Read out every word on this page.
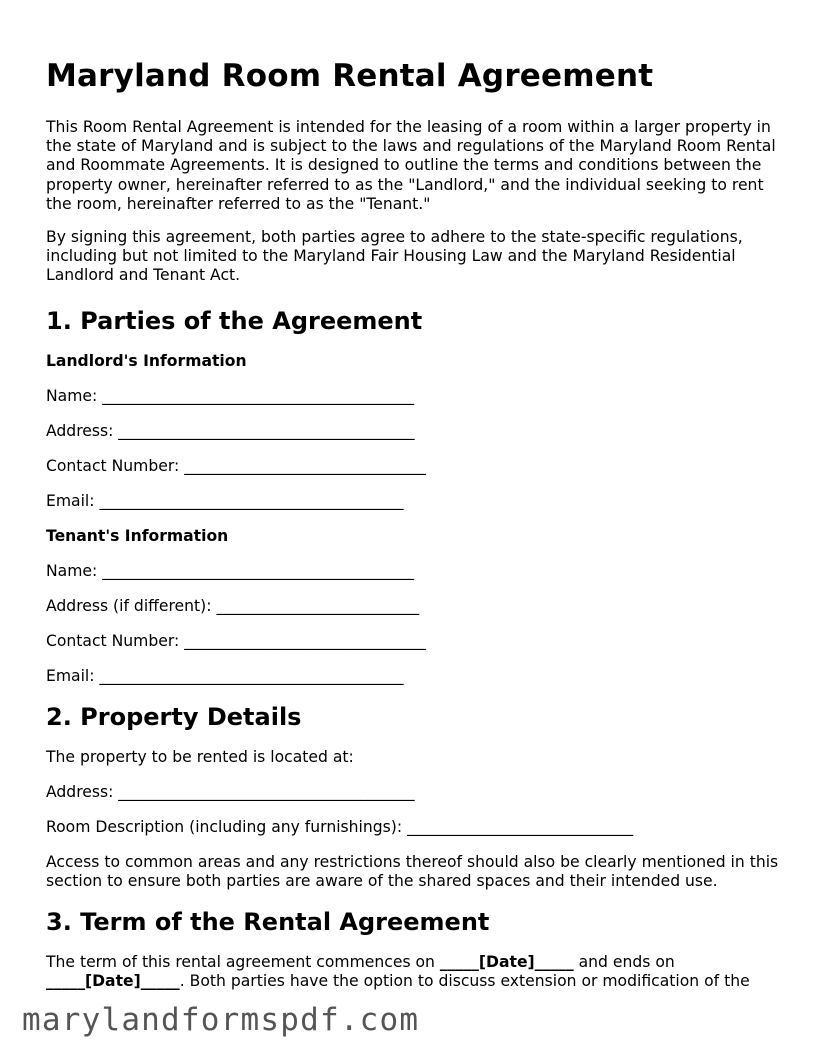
Maryland Room Rental Agreement

This Room Rental Agreement is intended for the leasing of a room within a larger property in the state of Maryland and is subject to the laws and regulations of the Maryland Room Rental and Roommate Agreements. It is designed to outline the terms and conditions between the property owner, hereinafter referred to as the "Landlord," and the individual seeking to rent the room, hereinafter referred to as the "Tenant."

By signing this agreement, both parties agree to adhere to the state-specific regulations, including but not limited to the Maryland Fair Housing Law and the Maryland Residential Landlord and Tenant Act.

1. Parties of the Agreement
Landlord's Information
Name: ________________________________________
Address: ______________________________________
Contact Number: _______________________________
Email: _______________________________________
Tenant's Information
Name: ________________________________________
Address (if different): __________________________
Contact Number: _______________________________
Email: _______________________________________
2. Property Details

The property to be rented is located at:

Address: ______________________________________
Room Description (including any furnishings): _____________________________

Access to common areas and any restrictions thereof should also be clearly mentioned in this section to ensure both parties are aware of the shared spaces and their intended use.

3. Term of the Rental Agreement

The term of this rental agreement commences on _____[Date]_____ and ends on _____[Date]_____. Both parties have the option to discuss extension or modification of the

marylandformspdf.com
